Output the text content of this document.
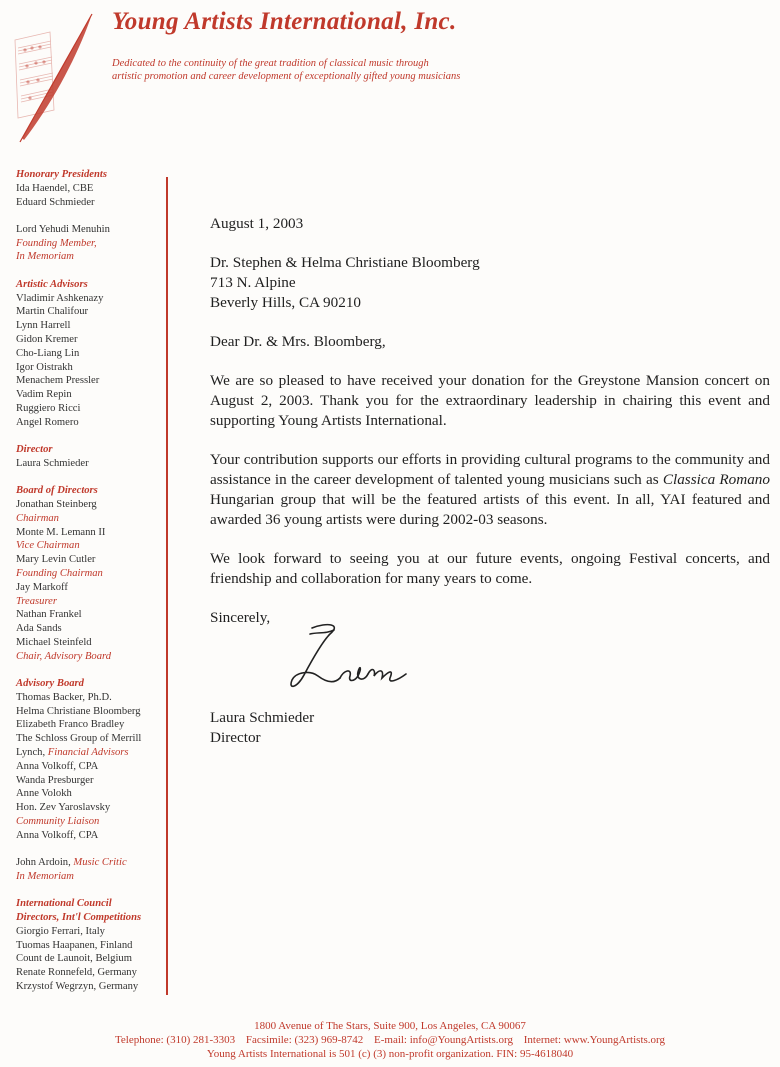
Young Artists International, Inc.
Dedicated to the continuity of the great tradition of classical music through
artistic promotion and career development of exceptionally gifted young musicians
Honorary Presidents
Ida Haendel, CBE
Eduard Schmieder
Lord Yehudi Menuhin
Founding Member,
In Memoriam
Artistic Advisors
Vladimir Ashkenazy
Martin Chalifour
Lynn Harrell
Gidon Kremer
Cho-Liang Lin
Igor Oistrakh
Menachem Pressler
Vadim Repin
Ruggiero Ricci
Angel Romero
Director
Laura Schmieder
Board of Directors
Jonathan Steinberg
Chairman
Monte M. Lemann II
Vice Chairman
Mary Levin Cutler
Founding Chairman
Jay Markoff
Treasurer
Nathan Frankel
Ada Sands
Michael Steinfeld
Chair, Advisory Board
Advisory Board
Thomas Backer, Ph.D.
Helma Christiane Bloomberg
Elizabeth Franco Bradley
The Schloss Group of Merrill
Lynch, Financial Advisors
Anna Volkoff, CPA
Wanda Presburger
Anne Volokh
Hon. Zev Yaroslavsky
Community Liaison
Anna Volkoff, CPA
John Ardoin, Music Critic
In Memoriam
International Council
Directors, Int'l Competitions
Giorgio Ferrari, Italy
Tuomas Haapanen, Finland
Count de Launoit, Belgium
Renate Ronnefeld, Germany
Krzystof Wegrzyn, Germany
August 1, 2003
Dr. Stephen & Helma Christiane Bloomberg
713 N. Alpine
Beverly Hills, CA 90210
Dear Dr. & Mrs. Bloomberg,
We are so pleased to have received your donation for the Greystone Mansion concert on August 2, 2003. Thank you for the extraordinary leadership in chairing this event and supporting Young Artists International.
Your contribution supports our efforts in providing cultural programs to the community and assistance in the career development of talented young musicians such as Classica Romano Hungarian group that will be the featured artists of this event. In all, YAI featured and awarded 36 young artists were during 2002-03 seasons.
We look forward to seeing you at our future events, ongoing Festival concerts, and friendship and collaboration for many years to come.
Sincerely,
Laura Schmieder
Director
1800 Avenue of The Stars, Suite 900, Los Angeles, CA 90067
Telephone: (310) 281-3303 Facsimile: (323) 969-8742 E-mail: info@YoungArtists.org Internet: www.YoungArtists.org
Young Artists International is 501 (c) (3) non-profit organization. FIN: 95-4618040
